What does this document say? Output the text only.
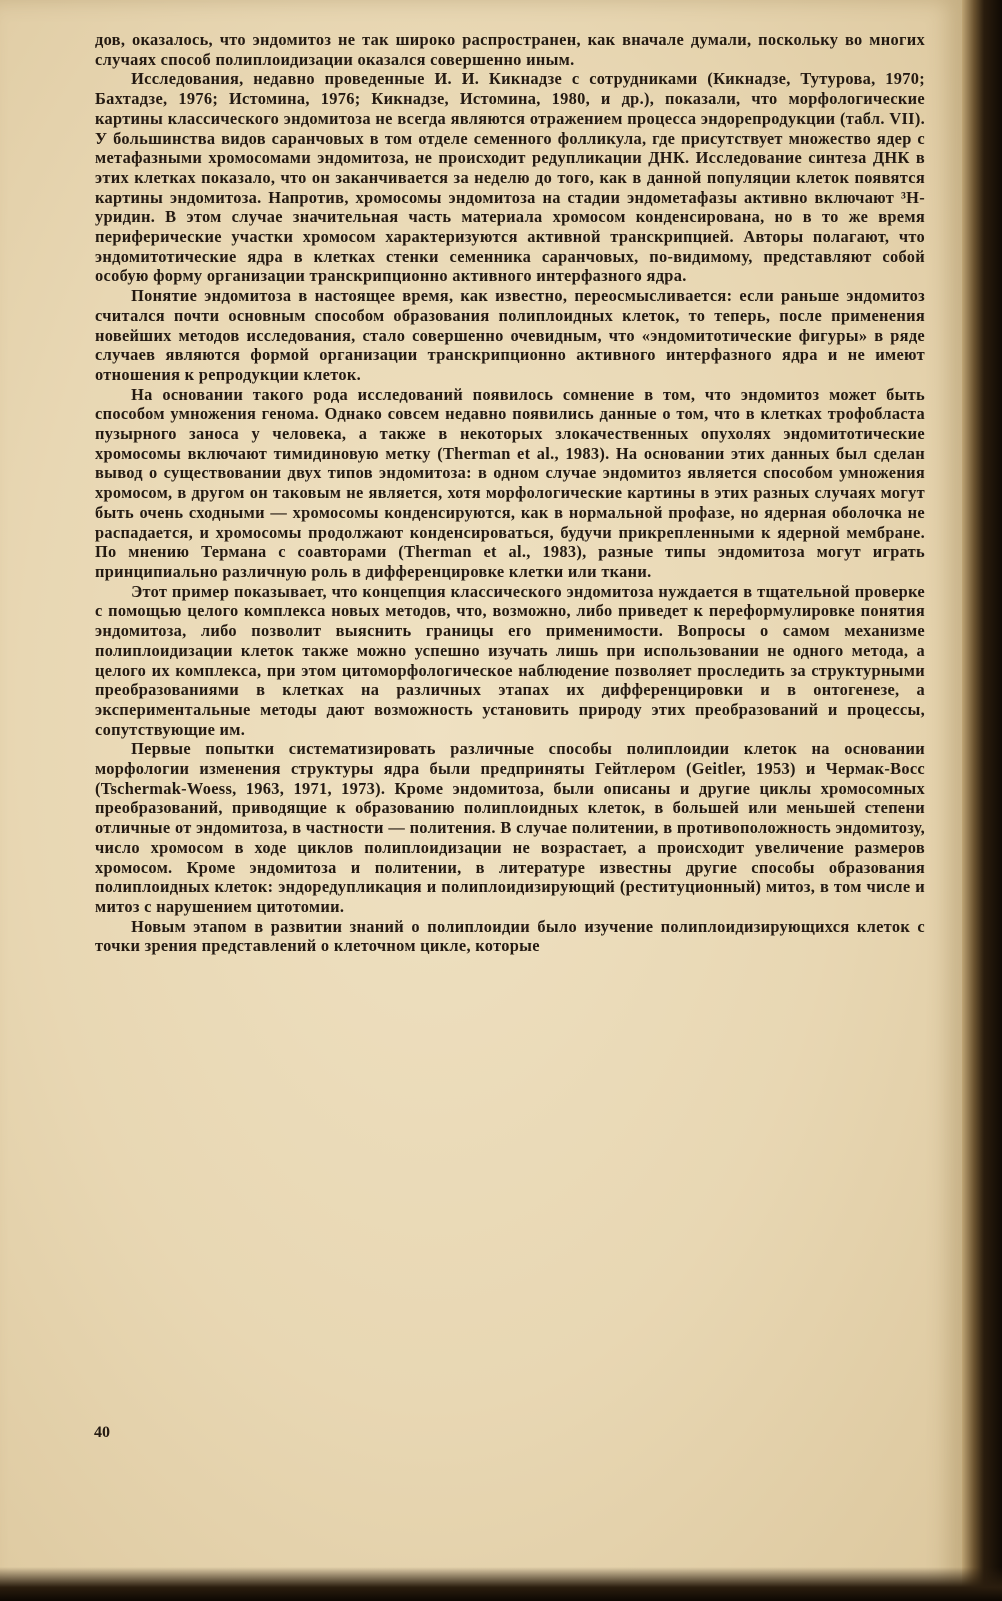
дов, оказалось, что эндомитоз не так широко распространен, как вначале думали, поскольку во многих случаях способ полиплоидизации оказался совершенно иным.

Исследования, недавно проведенные И. И. Кикнадзе с сотрудниками (Кикнадзе, Тутурова, 1970; Бахтадзе, 1976; Истомина, 1976; Кикнадзе, Истомина, 1980, и др.), показали, что морфологические картины классического эндомитоза не всегда являются отражением процесса эндорепродукции (табл. VII). У большинства видов саранчовых в том отделе семенного фолликула, где присутствует множество ядер с метафазными хромосомами эндомитоза, не происходит редупликации ДНК. Исследование синтеза ДНК в этих клетках показало, что он заканчивается за неделю до того, как в данной популяции клеток появятся картины эндомитоза. Напротив, хромосомы эндомитоза на стадии эндометафазы активно включают ³H-уридин. В этом случае значительная часть материала хромосом конденсирована, но в то же время периферические участки хромосом характеризуются активной транскрипцией. Авторы полагают, что эндомитотические ядра в клетках стенки семенника саранчовых, по-видимому, представляют собой особую форму организации транскрипционно активного интерфазного ядра.

Понятие эндомитоза в настоящее время, как известно, переосмысливается: если раньше эндомитоз считался почти основным способом образования полиплоидных клеток, то теперь, после применения новейших методов исследования, стало совершенно очевидным, что «эндомитотические фигуры» в ряде случаев являются формой организации транскрипционно активного интерфазного ядра и не имеют отношения к репродукции клеток.

На основании такого рода исследований появилось сомнение в том, что эндомитоз может быть способом умножения генома. Однако совсем недавно появились данные о том, что в клетках трофобласта пузырного заноса у человека, а также в некоторых злокачественных опухолях эндомитотические хромосомы включают тимидиновую метку (Therman et al., 1983). На основании этих данных был сделан вывод о существовании двух типов эндомитоза: в одном случае эндомитоз является способом умножения хромосом, в другом он таковым не является, хотя морфологические картины в этих разных случаях могут быть очень сходными — хромосомы конденсируются, как в нормальной профазе, но ядерная оболочка не распадается, и хромосомы продолжают конденсироваться, будучи прикрепленными к ядерной мембране. По мнению Термана с соавторами (Therman et al., 1983), разные типы эндомитоза могут играть принципиально различную роль в дифференцировке клетки или ткани.

Этот пример показывает, что концепция классического эндомитоза нуждается в тщательной проверке с помощью целого комплекса новых методов, что, возможно, либо приведет к переформулировке понятия эндомитоза, либо позволит выяснить границы его применимости. Вопросы о самом механизме полиплоидизации клеток также можно успешно изучать лишь при использовании не одного метода, а целого их комплекса, при этом цитоморфологическое наблюдение позволяет проследить за структурными преобразованиями в клетках на различных этапах их дифференцировки и в онтогенезе, а экспериментальные методы дают возможность установить природу этих преобразований и процессы, сопутствующие им.

Первые попытки систематизировать различные способы полиплоидии клеток на основании морфологии изменения структуры ядра были предприняты Гейтлером (Geitler, 1953) и Чермак-Восс (Tschermak-Woess, 1963, 1971, 1973). Кроме эндомитоза, были описаны и другие циклы хромосомных преобразований, приводящие к образованию полиплоидных клеток, в большей или меньшей степени отличные от эндомитоза, в частности — политения. В случае политении, в противоположность эндомитозу, число хромосом в ходе циклов полиплоидизации не возрастает, а происходит увеличение размеров хромосом. Кроме эндомитоза и политении, в литературе известны другие способы образования полиплоидных клеток: эндоредупликация и полиплоидизирующий (реституционный) митоз, в том числе и митоз с нарушением цитотомии.

Новым этапом в развитии знаний о полиплоидии было изучение полиплоидизирующихся клеток с точки зрения представлений о клеточном цикле, которые

40
